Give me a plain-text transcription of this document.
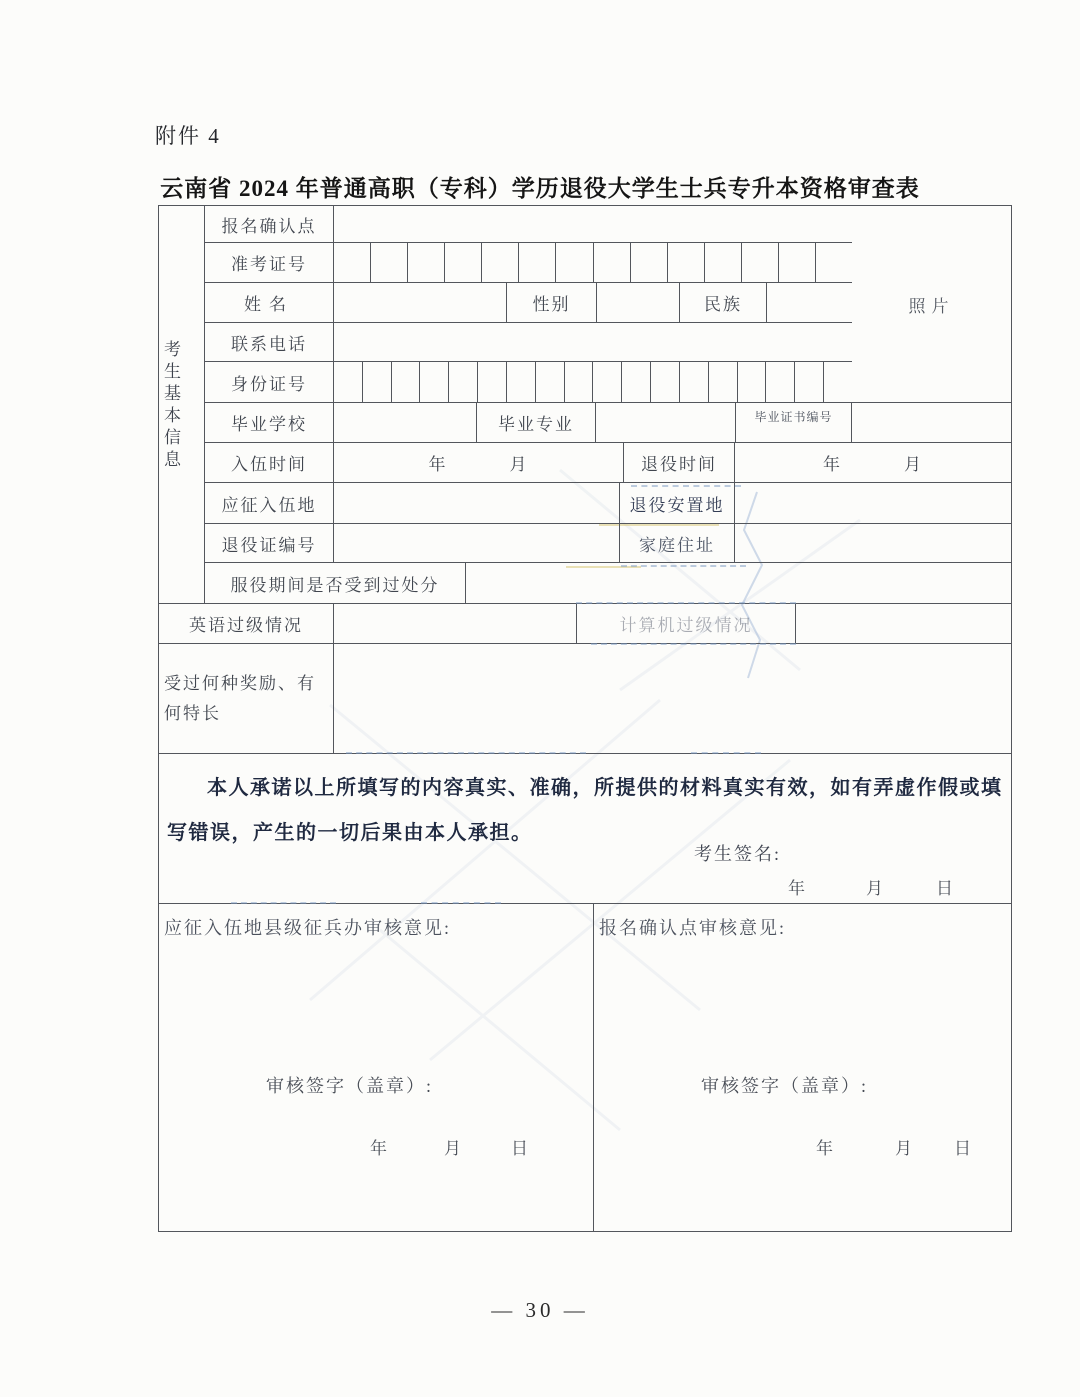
附件 4
云南省 2024 年普通高职（专科）学历退役大学生士兵专升本资格审查表
考生
基本
信息
报名确认点
准考证号
姓名	性别	民族
联系电话
身份证号
照片
毕业学校	毕业专业	毕业证书编号
入伍时间	年	月	退役时间	年	月
应征入伍地	退役安置地
退役证编号	家庭住址
服役期间是否受到过处分
英语过级情况	计算机过级情况
受过何种奖励、有何特长
本人承诺以上所填写的内容真实、准确，所提供的材料真实有效，如有弄虚作假或填写错误，产生的一切后果由本人承担。
考生签名:
年	月	日
应征入伍地县级征兵办审核意见:
审核签字（盖章）:
年	月	日
报名确认点审核意见:
审核签字（盖章）:
年	月 日
— 30 —
